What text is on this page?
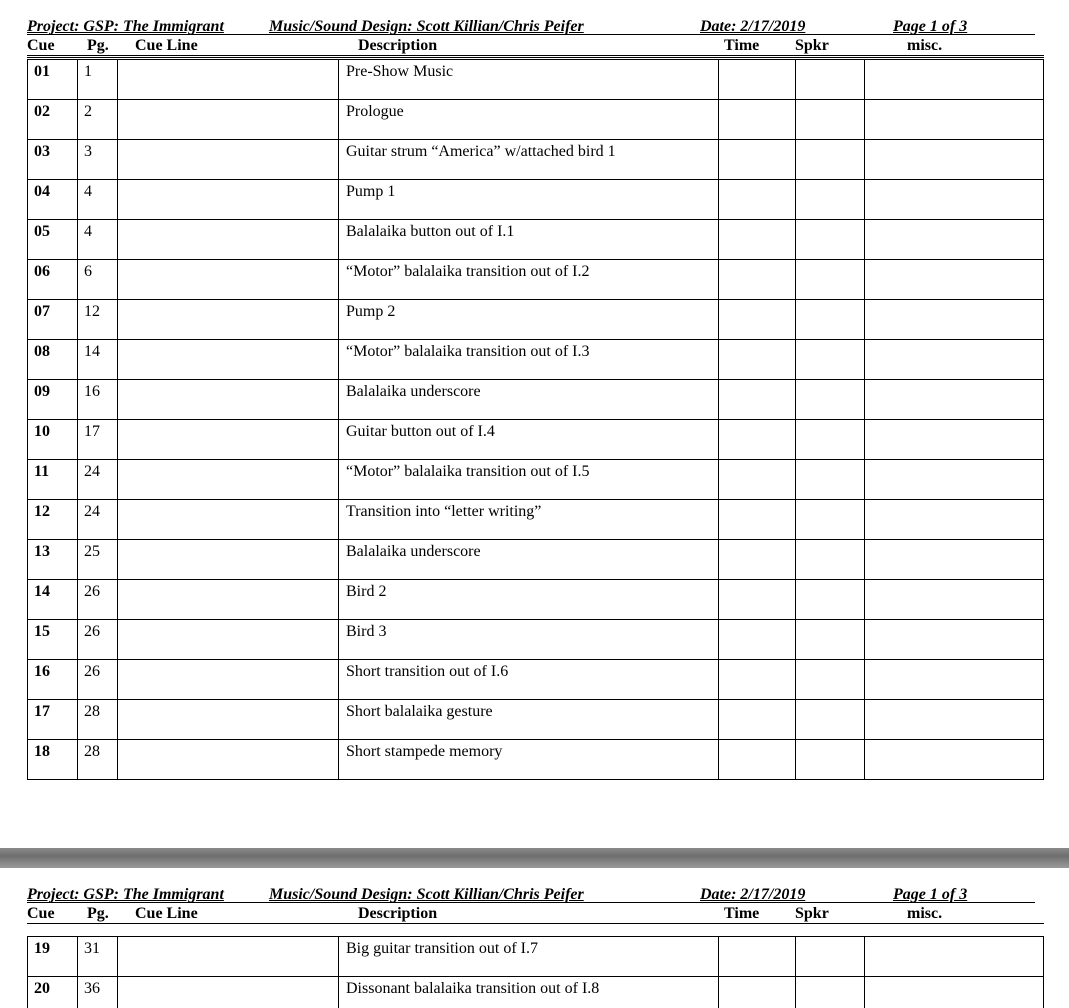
Project: GSP: The Immigrant	Music/Sound Design: Scott Killian/Chris Peifer	Date: 2/17/2019	Page 1 of 3
Cue Pg. Cue Line	Description	Time Spkr	misc.
01	1		Pre-Show Music			
02	2		Prologue			
03	3		Guitar strum “America” w/attached bird 1			
04	4		Pump 1			
05	4		Balalaika button out of I.1			
06	6		“Motor” balalaika transition out of I.2			
07	12		Pump 2			
08	14		“Motor” balalaika transition out of I.3			
09	16		Balalaika underscore			
10	17		Guitar button out of I.4			
11	24		“Motor” balalaika transition out of I.5			
12	24		Transition into “letter writing”			
13	25		Balalaika underscore			
14	26		Bird 2			
15	26		Bird 3			
16	26		Short transition out of I.6			
17	28		Short balalaika gesture			
18	28		Short stampede memory			
Project: GSP: The Immigrant	Music/Sound Design: Scott Killian/Chris Peifer	Date: 2/17/2019	Page 1 of 3
Cue Pg. Cue Line	Description	Time Spkr	misc.
19	31		Big guitar transition out of I.7			
20	36		Dissonant balalaika transition out of I.8			
